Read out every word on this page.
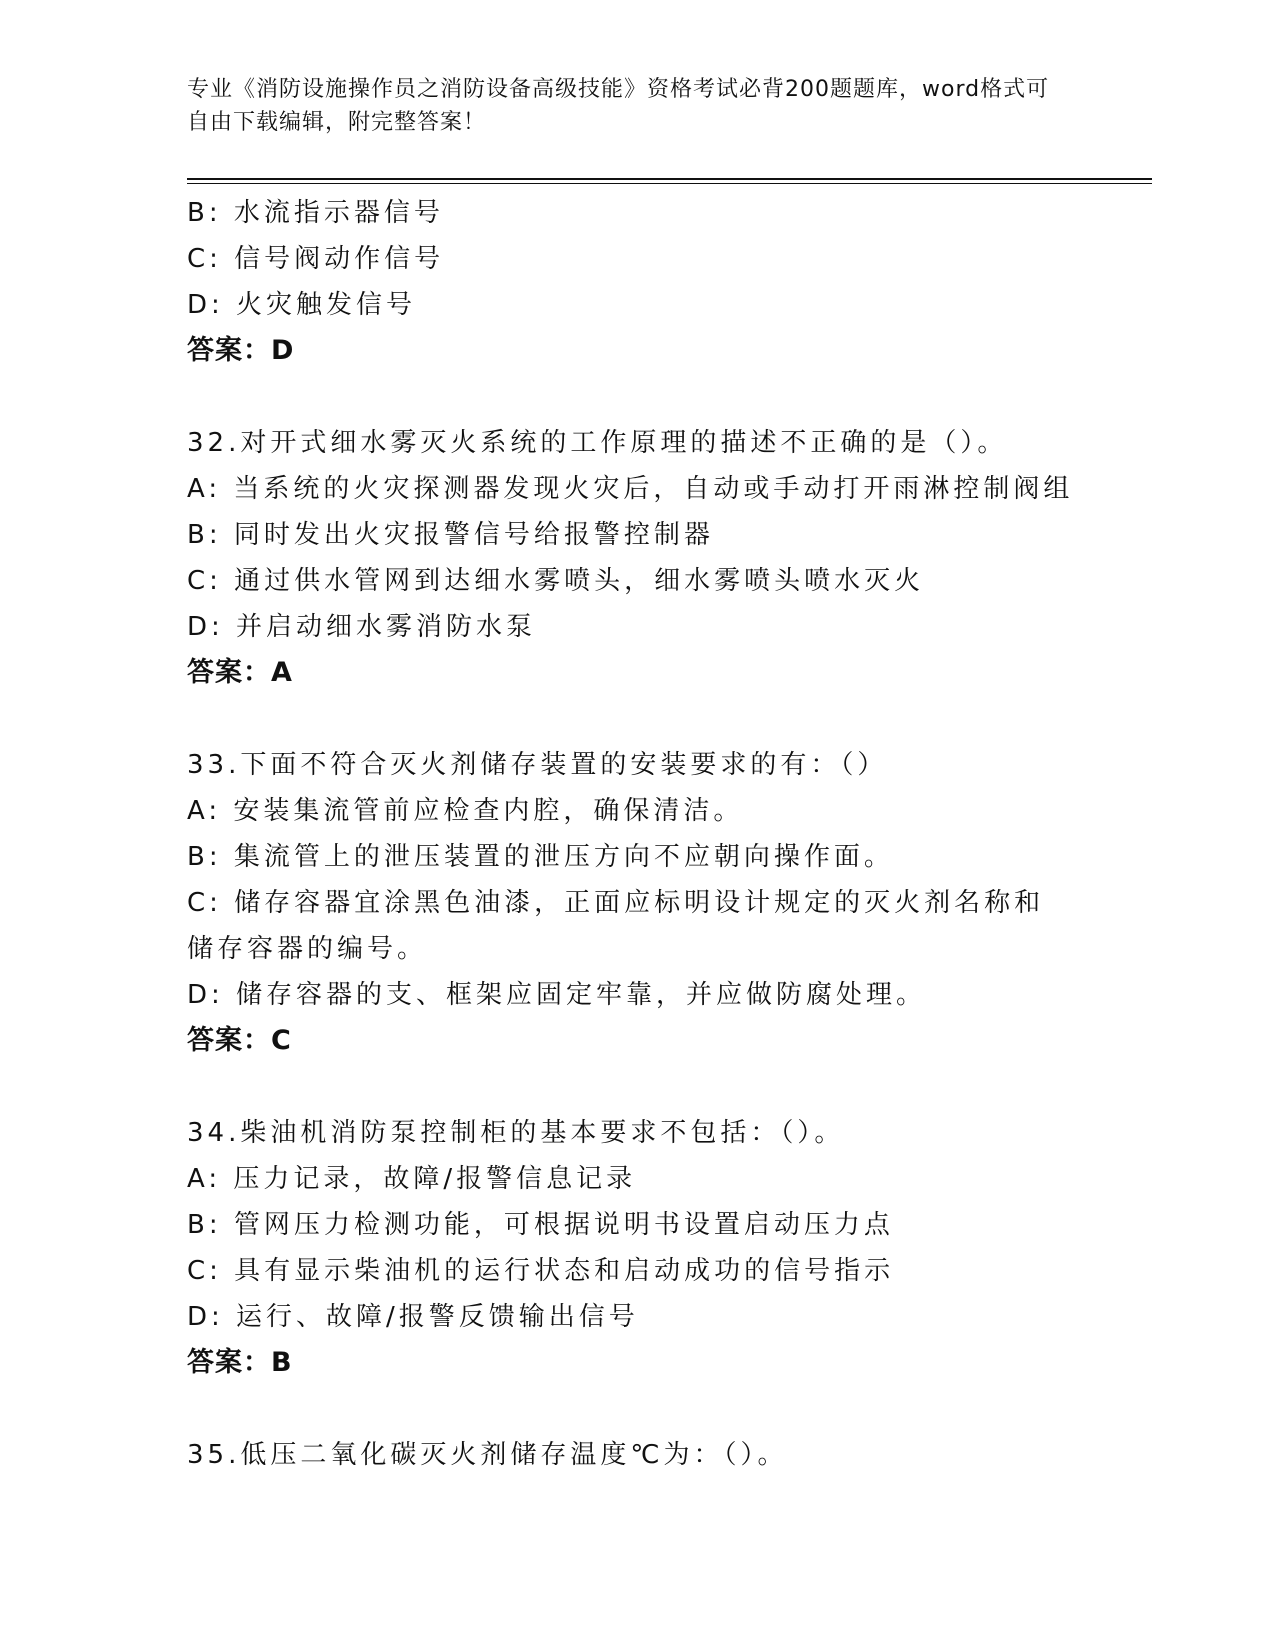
专业《消防设施操作员之消防设备高级技能》资格考试必背200题题库，word格式可自由下载编辑，附完整答案！
B: 水流指示器信号
C: 信号阀动作信号
D: 火灾触发信号
答案：D
32.对开式细水雾灭火系统的工作原理的描述不正确的是（）。
A: 当系统的火灾探测器发现火灾后，自动或手动打开雨淋控制阀组
B: 同时发出火灾报警信号给报警控制器
C: 通过供水管网到达细水雾喷头，细水雾喷头喷水灭火
D: 并启动细水雾消防水泵
答案：A
33.下面不符合灭火剂储存装置的安装要求的有：（）
A: 安装集流管前应检查内腔，确保清洁。
B: 集流管上的泄压装置的泄压方向不应朝向操作面。
C: 储存容器宜涂黑色油漆，正面应标明设计规定的灭火剂名称和储存容器的编号。
D: 储存容器的支、框架应固定牢靠，并应做防腐处理。
答案：C
34.柴油机消防泵控制柜的基本要求不包括：（）。
A: 压力记录，故障/报警信息记录
B: 管网压力检测功能，可根据说明书设置启动压力点
C: 具有显示柴油机的运行状态和启动成功的信号指示
D: 运行、故障/报警反馈输出信号
答案：B
35.低压二氧化碳灭火剂储存温度℃为：（）。
